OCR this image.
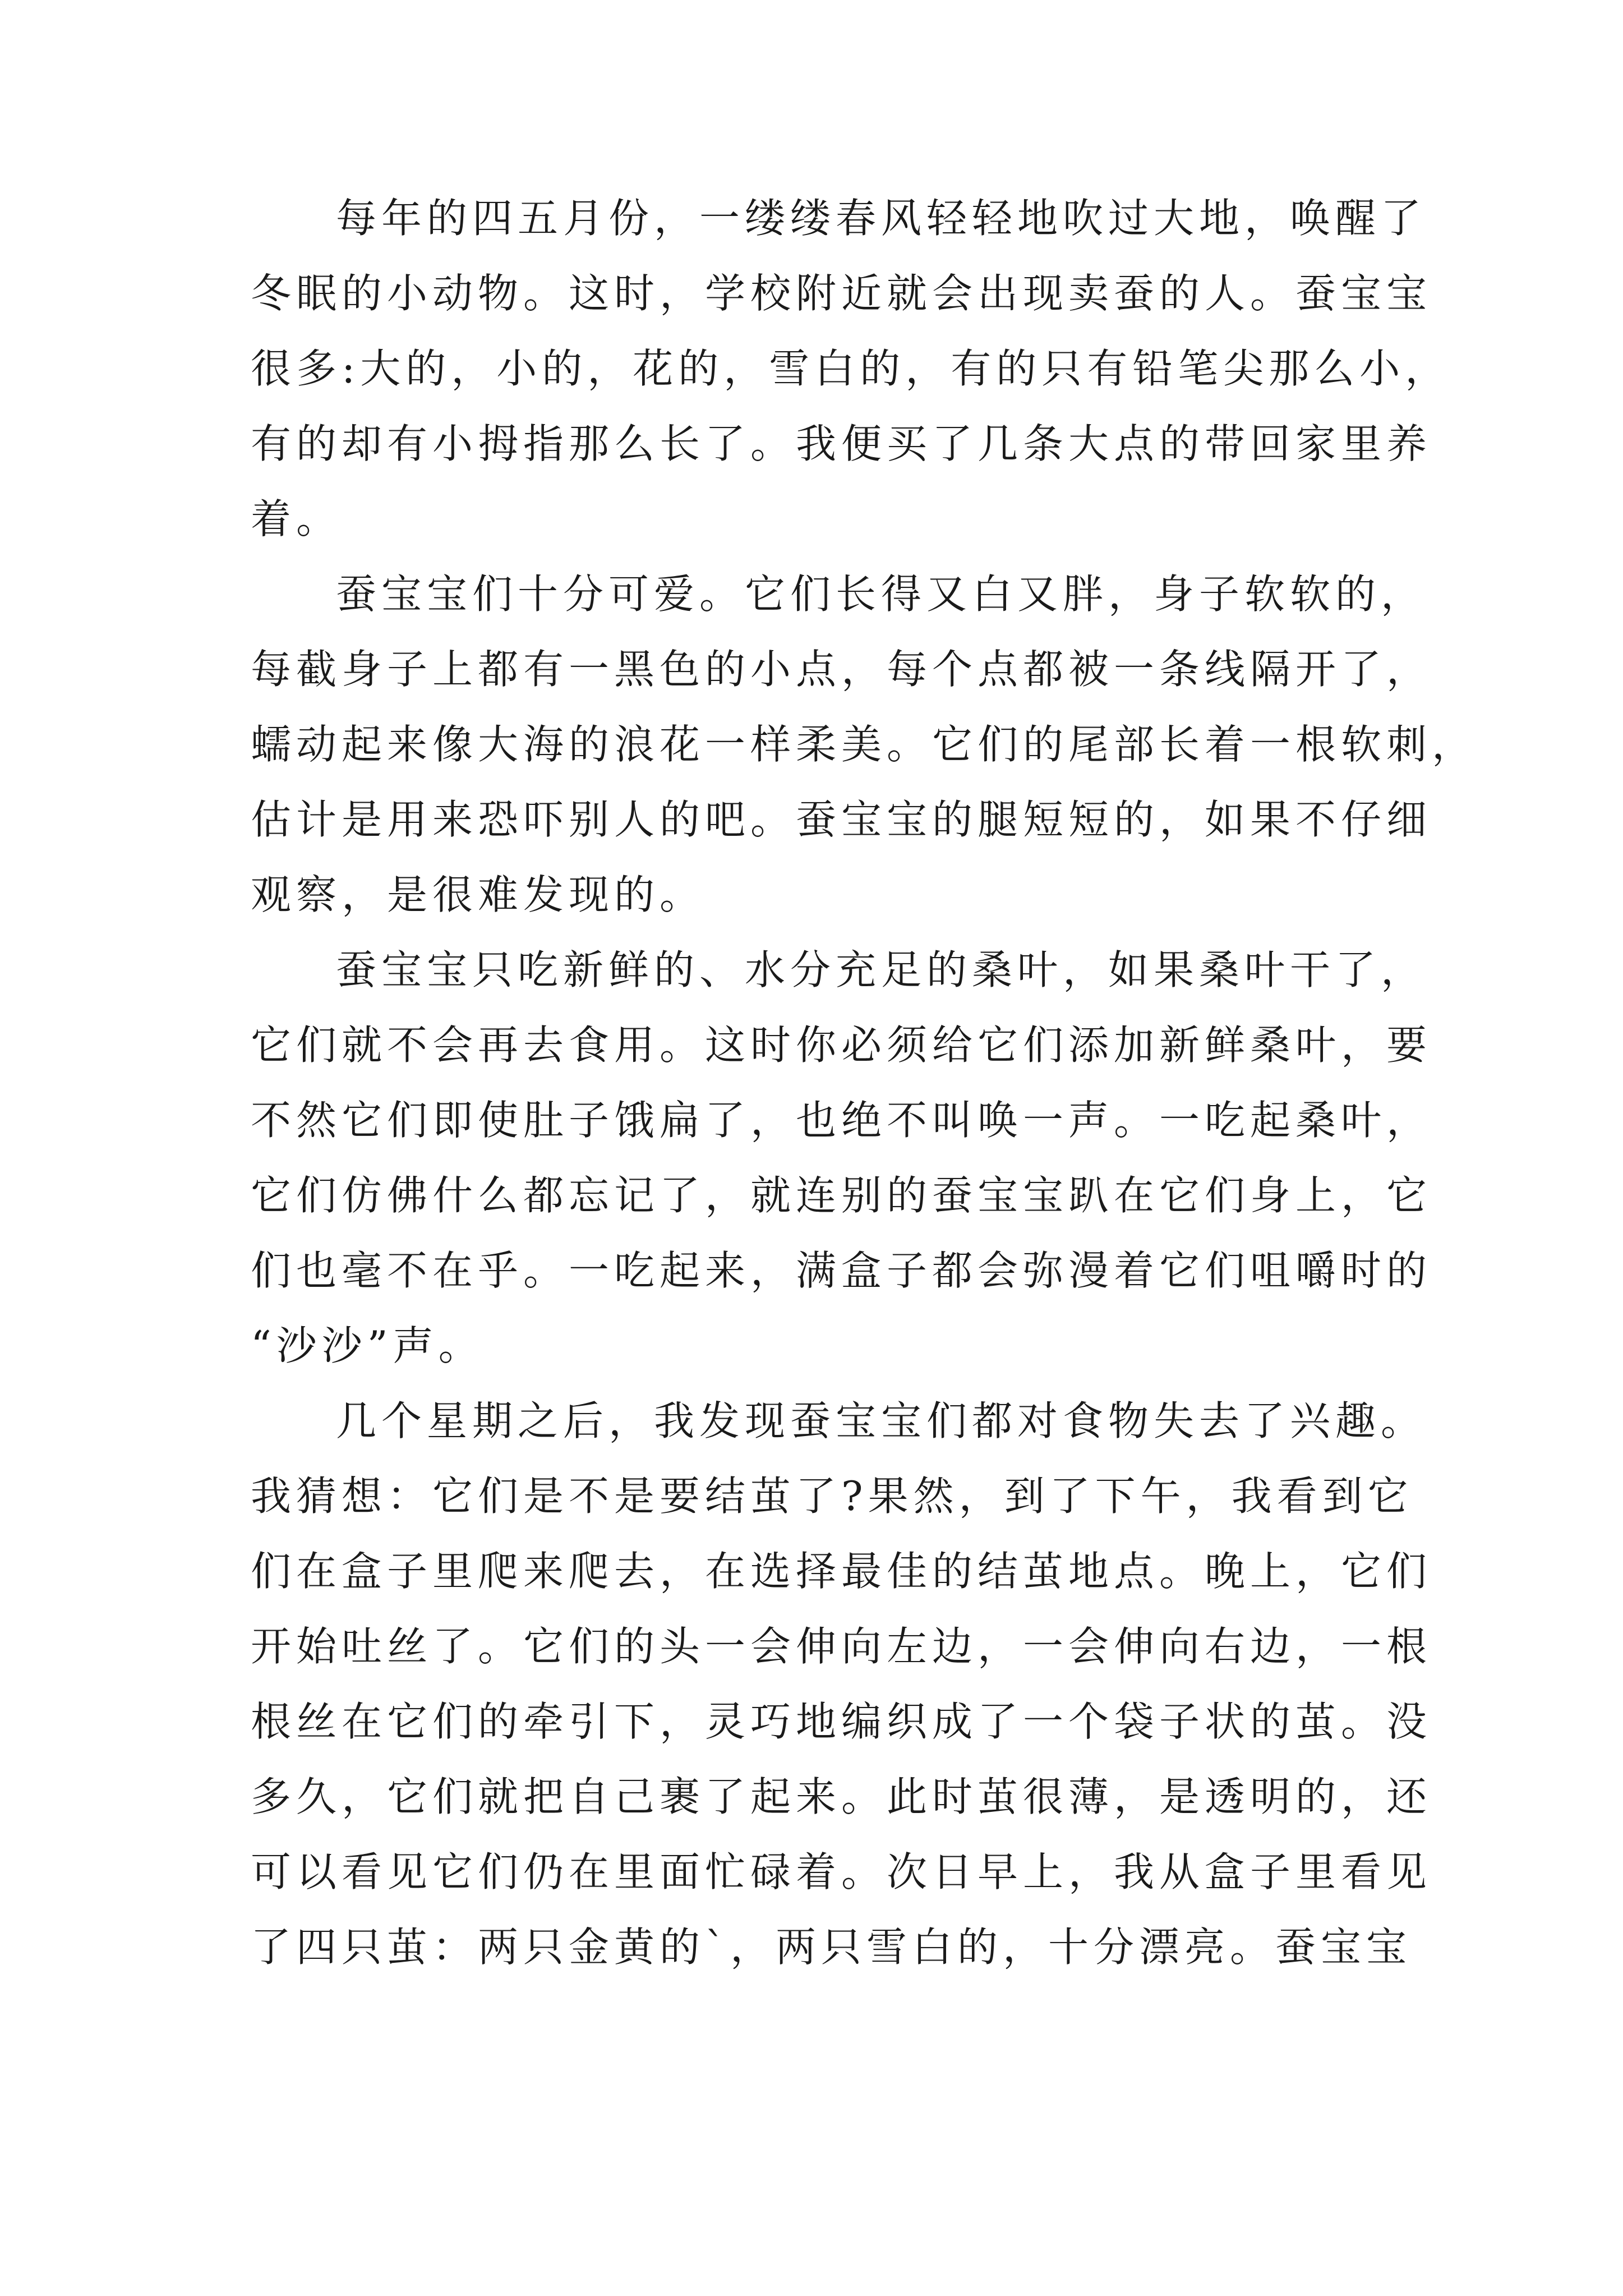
每年的四五月份，一缕缕春风轻轻地吹过大地，唤醒了
冬眠的小动物。这时，学校附近就会出现卖蚕的人。蚕宝宝
很多:大的，小的，花的，雪白的，有的只有铅笔尖那么小，
有的却有小拇指那么长了。我便买了几条大点的带回家里养
着。
蚕宝宝们十分可爱。它们长得又白又胖，身子软软的，
每截身子上都有一黑色的小点，每个点都被一条线隔开了，
蠕动起来像大海的浪花一样柔美。它们的尾部长着一根软刺，
估计是用来恐吓别人的吧。蚕宝宝的腿短短的，如果不仔细
观察，是很难发现的。
蚕宝宝只吃新鲜的、水分充足的桑叶，如果桑叶干了，
它们就不会再去食用。这时你必须给它们添加新鲜桑叶，要
不然它们即使肚子饿扁了，也绝不叫唤一声。一吃起桑叶，
它们仿佛什么都忘记了，就连别的蚕宝宝趴在它们身上，它
们也毫不在乎。一吃起来，满盒子都会弥漫着它们咀嚼时的
“沙沙”声。
几个星期之后，我发现蚕宝宝们都对食物失去了兴趣。
我猜想：它们是不是要结茧了?果然，到了下午，我看到它
们在盒子里爬来爬去，在选择最佳的结茧地点。晚上，它们
开始吐丝了。它们的头一会伸向左边，一会伸向右边，一根
根丝在它们的牵引下，灵巧地编织成了一个袋子状的茧。没
多久，它们就把自己裹了起来。此时茧很薄，是透明的，还
可以看见它们仍在里面忙碌着。次日早上，我从盒子里看见
了四只茧：两只金黄的`，两只雪白的，十分漂亮。蚕宝宝
